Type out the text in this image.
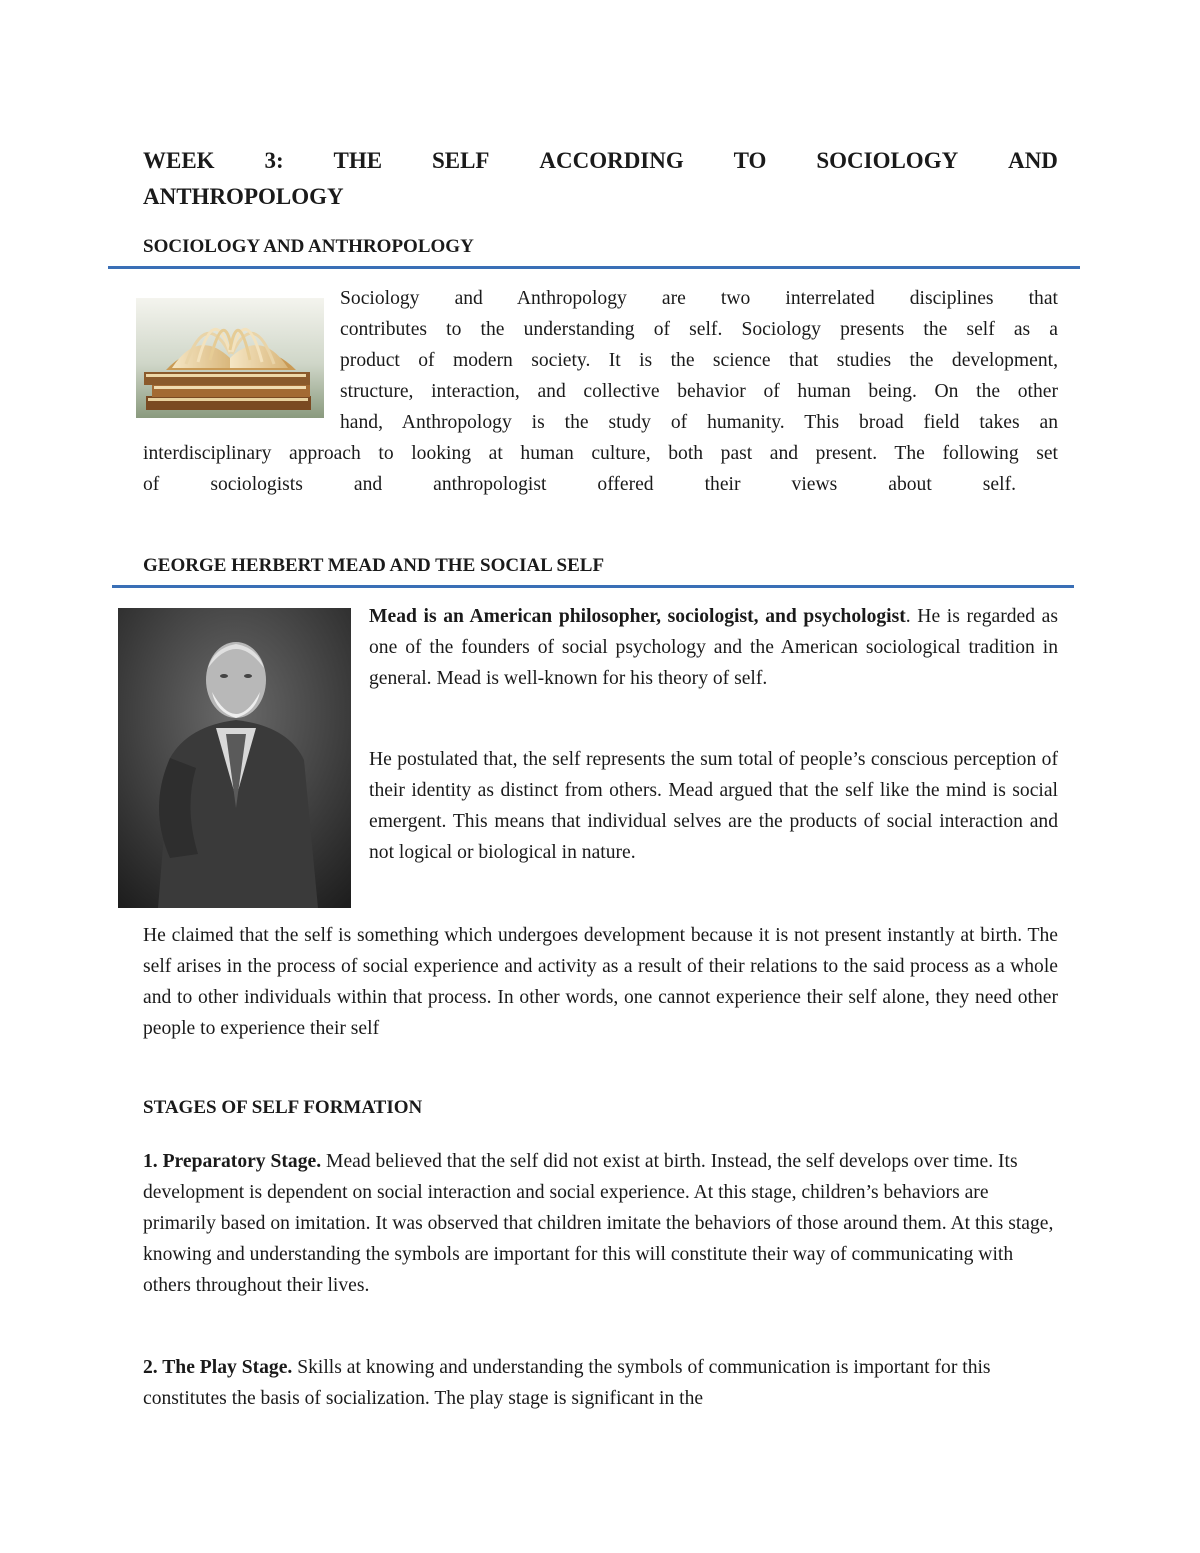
WEEK 3: THE SELF ACCORDING TO SOCIOLOGY AND
ANTHROPOLOGY
SOCIOLOGY AND ANTHROPOLOGY
Sociology and Anthropology are two interrelated disciplines that
contributes to the understanding of self. Sociology presents the self as a
product of modern society. It is the science that studies the development,
structure, interaction, and collective behavior of human being. On the other
hand, Anthropology is the study of humanity. This broad field takes an
interdisciplinary approach to looking at human culture, both past and present. The following set
of sociologists and anthropologist offered their views about self.
GEORGE HERBERT MEAD AND THE SOCIAL SELF
Mead is an American philosopher, sociologist, and psychologist. He is regarded as one of the founders of social psychology and the American sociological tradition in general. Mead is well-known for his theory of self.
He postulated that, the self represents the sum total of people’s conscious perception of their identity as distinct from others. Mead argued that the self like the mind is social emergent. This means that individual selves are the products of social interaction and not logical or biological in nature.
He claimed that the self is something which undergoes development because it is not present instantly at birth. The self arises in the process of social experience and activity as a result of their relations to the said process as a whole and to other individuals within that process. In other words, one cannot experience their self alone, they need other people to experience their self
STAGES OF SELF FORMATION
1. Preparatory Stage. Mead believed that the self did not exist at birth. Instead, the self develops over time. Its development is dependent on social interaction and social experience. At this stage, children’s behaviors are primarily based on imitation. It was observed that children imitate the behaviors of those around them. At this stage, knowing and understanding the symbols are important for this will constitute their way of communicating with others throughout their lives.
2. The Play Stage. Skills at knowing and understanding the symbols of communication is important for this constitutes the basis of socialization. The play stage is significant in the
